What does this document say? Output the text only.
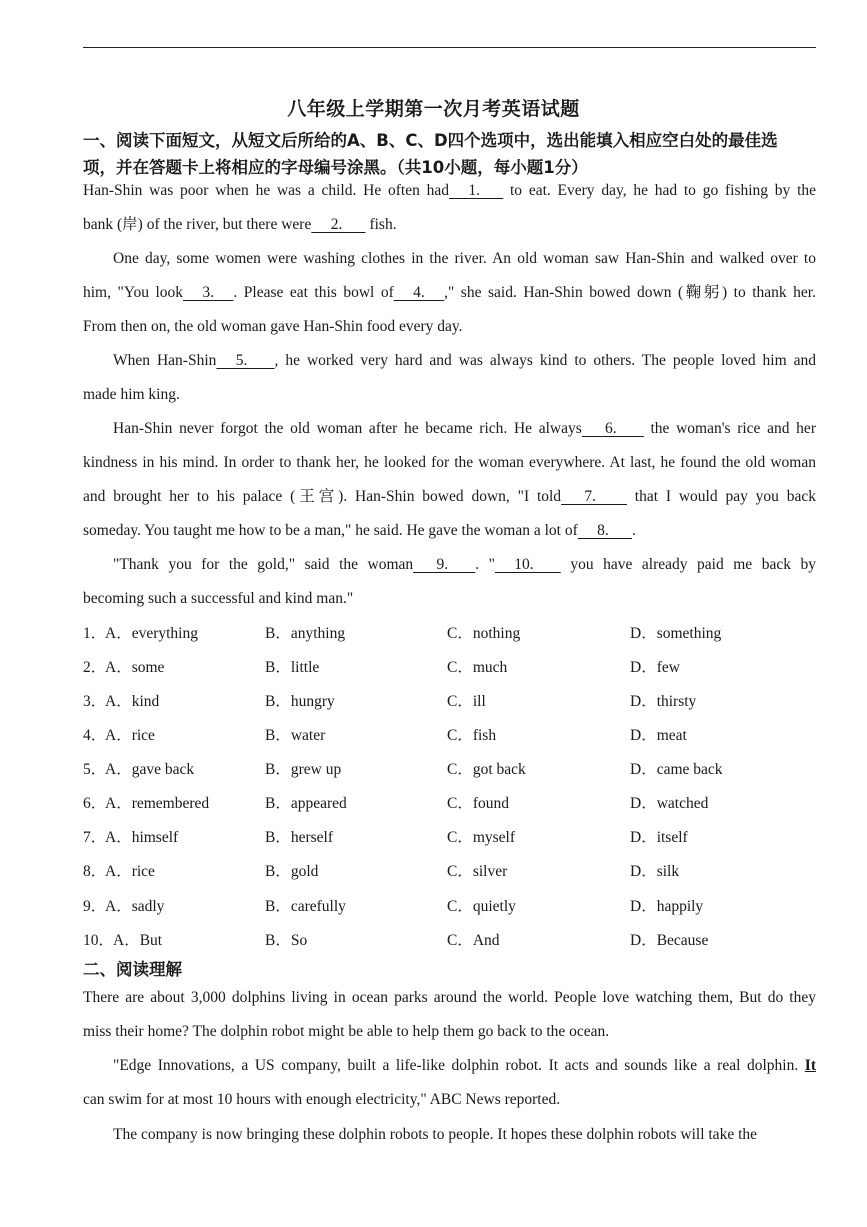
八年级上学期第一次月考英语试题
一、阅读下面短文，从短文后所给的A、B、C、D四个选项中，选出能填入相应空白处的最佳选
项，并在答题卡上将相应的字母编号涂黑。（共10小题，每小题1分）

Han-Shin was poor when he was a child. He often had     1.       to eat. Every day, he had to go fishing by the

bank (岸) of the river, but there were     2.       fish.

One day, some women were washing clothes in the river. An old woman saw Han-Shin and walked over to

him, "You look     3.     . Please eat this bowl of     4.     ," she said. Han-Shin bowed down (鞠躬) to thank her.

From then on, the old woman gave Han-Shin food every day.

When Han-Shin     5.       , he worked very hard and was always kind to others. The people loved him and

made him king.

Han-Shin never forgot the old woman after he became rich. He always      6.        the woman's rice and her

kindness in his mind. In order to thank her, he looked for the woman everywhere. At last, he found the old woman

and brought her to his palace (王宫). Han-Shin bowed down, "I told      7.         that I would pay you back

someday. You taught me how to be a man," he said. He gave the woman a lot of     8.      .

"Thank you for the gold," said the woman      9.       . "     10.        you have already paid me back by

becoming such a successful and kind man."

1．
A．everything	B．anything	C．nothing	D．something
2．
A．some	B．little	C．much	D．few
3．
A．kind	B．hungry	C．ill	D．thirsty
4．
A．rice	B．water	C．fish	D．meat
5．
A．gave back	B．grew up	C．got back	D．came back
6．
A．remembered	B．appeared	C．found	D．watched
7．
A．himself	B．herself	C．myself	D．itself
8．
A．rice	B．gold	C．silver	D．silk
9．
A．sadly	B．carefully	C．quietly	D．happily
10．
A．But	B．So	C．And	D．Because
二、阅读理解

There are about 3,000 dolphins living in ocean parks around the world. People love watching them, But do they

miss their home? The dolphin robot might be able to help them go back to the ocean.

"Edge Innovations, a US company, built a life-like dolphin robot. It acts and sounds like a real dolphin. It

can swim for at most 10 hours with enough electricity," ABC News reported.

The company is now bringing these dolphin robots to people. It hopes these dolphin robots will take the
